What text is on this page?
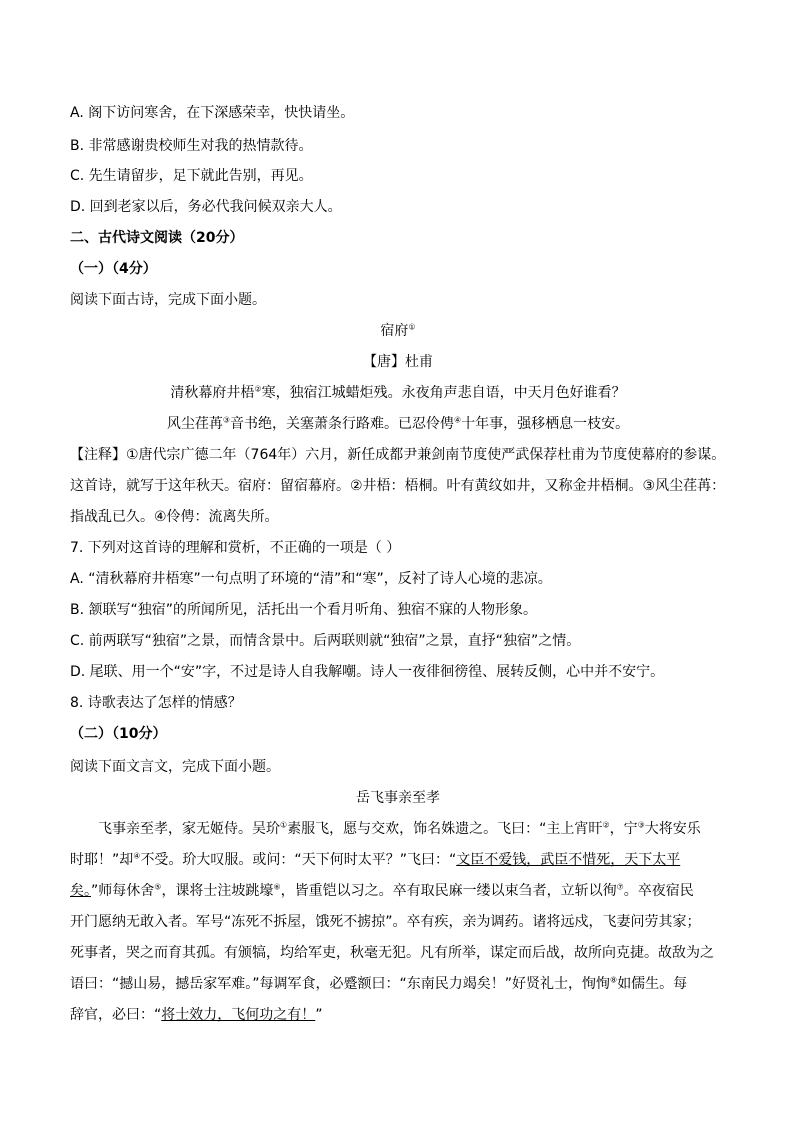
A. 阁下访问寒舍，在下深感荣幸，快快请坐。
B. 非常感谢贵校师生对我的热情款待。
C. 先生请留步，足下就此告别，再见。
D. 回到老家以后，务必代我问候双亲大人。
二、古代诗文阅读（20分）
（一）（4分）
阅读下面古诗，完成下面小题。
宿府①
【唐】杜甫
清秋幕府井梧②寒，独宿江城蜡炬残。永夜角声悲自语，中天月色好谁看？
风尘荏苒③音书绝，关塞萧条行路难。已忍伶俜④十年事，强移栖息一枝安。
【注释】①唐代宗广德二年（764年）六月，新任成都尹兼剑南节度使严武保荐杜甫为节度使幕府的参谋。
这首诗，就写于这年秋天。宿府：留宿幕府。②井梧：梧桐。叶有黄纹如井，又称金井梧桐。③风尘荏苒：
指战乱已久。④伶俜：流离失所。
7. 下列对这首诗的理解和赏析，不正确的一项是（ ）
A. “清秋幕府井梧寒”一句点明了环境的“清”和“寒”，反衬了诗人心境的悲凉。
B. 颔联写“独宿”的所闻所见，活托出一个看月听角、独宿不寐的人物形象。
C. 前两联写“独宿”之景，而情含景中。后两联则就“独宿”之景，直抒“独宿”之情。
D. 尾联、用一个“安”字，不过是诗人自我解嘲。诗人一夜徘徊徬徨、展转反侧，心中并不安宁。
8. 诗歌表达了怎样的情感？
（二）（10分）
阅读下面文言文，完成下面小题。
岳飞事亲至孝
飞事亲至孝，家无姬侍。吴玠①素服飞，愿与交欢，饰名姝遗之。飞曰：“主上宵旰②，宁③大将安乐
时耶！”却④不受。玠大叹服。或问：“天下何时太平？”飞曰：“文臣不爱钱，武臣不惜死，天下太平
矣。”师每休舍⑤，课将士注坡跳壕⑥，皆重铠以习之。卒有取民麻一缕以束刍者，立斩以徇⑦。卒夜宿民
开门愿纳无敢入者。军号“冻死不拆屋，饿死不掳掠”。卒有疾，亲为调药。诸将远戍，飞妻问劳其家；
死事者，哭之而育其孤。有颁犒，均给军吏，秋毫无犯。凡有所举，谋定而后战，故所向克捷。故敌为之
语曰：“撼山易，撼岳家军难。”每调军食，必蹙额曰：“东南民力竭矣！”好贤礼士，恂恂⑧如儒生。每
辞官，必曰：“将士效力，飞何功之有！”
